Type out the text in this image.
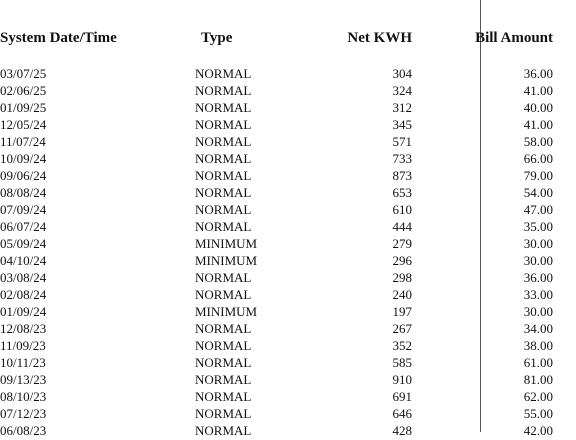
System Date/Time	Type	Net KWH	Bill Amount
03/07/25	NORMAL	304	36.00
02/06/25	NORMAL	324	41.00
01/09/25	NORMAL	312	40.00
12/05/24	NORMAL	345	41.00
11/07/24	NORMAL	571	58.00
10/09/24	NORMAL	733	66.00
09/06/24	NORMAL	873	79.00
08/08/24	NORMAL	653	54.00
07/09/24	NORMAL	610	47.00
06/07/24	NORMAL	444	35.00
05/09/24	MINIMUM	279	30.00
04/10/24	MINIMUM	296	30.00
03/08/24	NORMAL	298	36.00
02/08/24	NORMAL	240	33.00
01/09/24	MINIMUM	197	30.00
12/08/23	NORMAL	267	34.00
11/09/23	NORMAL	352	38.00
10/11/23	NORMAL	585	61.00
09/13/23	NORMAL	910	81.00
08/10/23	NORMAL	691	62.00
07/12/23	NORMAL	646	55.00
06/08/23	NORMAL	428	42.00
